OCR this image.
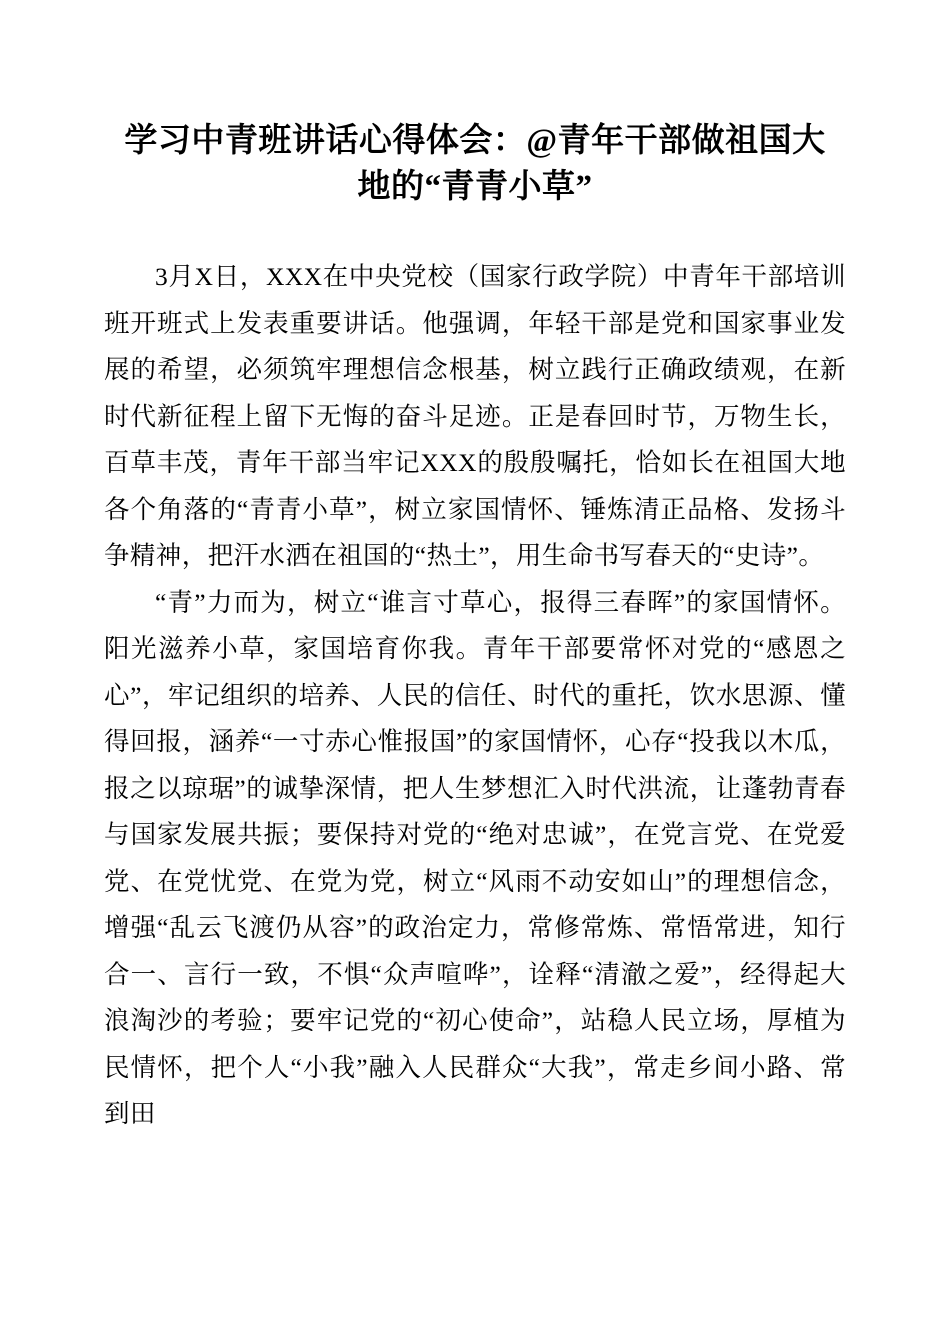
学习中青班讲话心得体会：@青年干部做祖国大地的“青青小草”

3月X日，XXX在中央党校（国家行政学院）中青年干部培训班开班式上发表重要讲话。他强调，年轻干部是党和国家事业发展的希望，必须筑牢理想信念根基，树立践行正确政绩观，在新时代新征程上留下无悔的奋斗足迹。正是春回时节，万物生长，百草丰茂，青年干部当牢记XXX的殷殷嘱托，恰如长在祖国大地各个角落的“青青小草”，树立家国情怀、锤炼清正品格、发扬斗争精神，把汗水洒在祖国的“热土”，用生命书写春天的“史诗”。

“青”力而为，树立“谁言寸草心，报得三春晖”的家国情怀。阳光滋养小草，家国培育你我。青年干部要常怀对党的“感恩之心”，牢记组织的培养、人民的信任、时代的重托，饮水思源、懂得回报，涵养“一寸赤心惟报国”的家国情怀，心存“投我以木瓜，报之以琼琚”的诚挚深情，把人生梦想汇入时代洪流，让蓬勃青春与国家发展共振；要保持对党的“绝对忠诚”，在党言党、在党爱党、在党忧党、在党为党，树立“风雨不动安如山”的理想信念，增强“乱云飞渡仍从容”的政治定力，常修常炼、常悟常进，知行合一、言行一致，不惧“众声喧哗”，诠释“清澈之爱”，经得起大浪淘沙的考验；要牢记党的“初心使命”，站稳人民立场，厚植为民情怀，把个人“小我”融入人民群众“大我”，常走乡间小路、常到田
